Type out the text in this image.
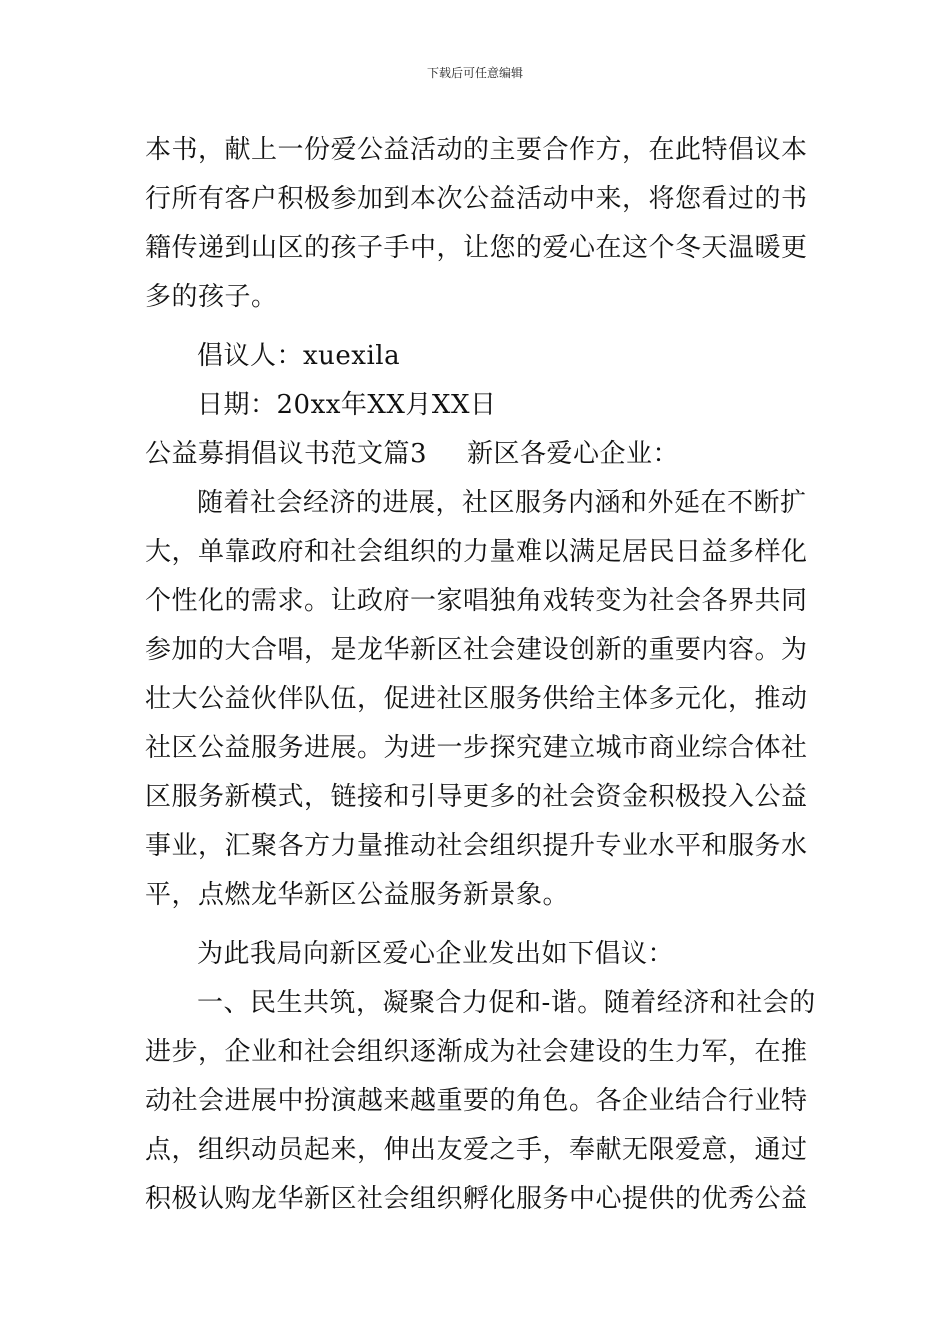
下载后可任意编辑
本书，献上一份爱公益活动的主要合作方，在此特倡议本
行所有客户积极参加到本次公益活动中来，将您看过的书
籍传递到山区的孩子手中，让您的爱心在这个冬天温暖更
多的孩子。
倡议人：xuexila
日期：20xx年XX月XX日
公益募捐倡议书范文篇3 新区各爱心企业：
随着社会经济的进展，社区服务内涵和外延在不断扩
大，单靠政府和社会组织的力量难以满足居民日益多样化
个性化的需求。让政府一家唱独角戏转变为社会各界共同
参加的大合唱，是龙华新区社会建设创新的重要内容。为
壮大公益伙伴队伍，促进社区服务供给主体多元化，推动
社区公益服务进展。为进一步探究建立城市商业综合体社
区服务新模式，链接和引导更多的社会资金积极投入公益
事业，汇聚各方力量推动社会组织提升专业水平和服务水
平，点燃龙华新区公益服务新景象。
为此我局向新区爱心企业发出如下倡议：
一、民生共筑，凝聚合力促和-谐。随着经济和社会的
进步，企业和社会组织逐渐成为社会建设的生力军，在推
动社会进展中扮演越来越重要的角色。各企业结合行业特
点，组织动员起来，伸出友爱之手，奉献无限爱意，通过
积极认购龙华新区社会组织孵化服务中心提供的优秀公益
